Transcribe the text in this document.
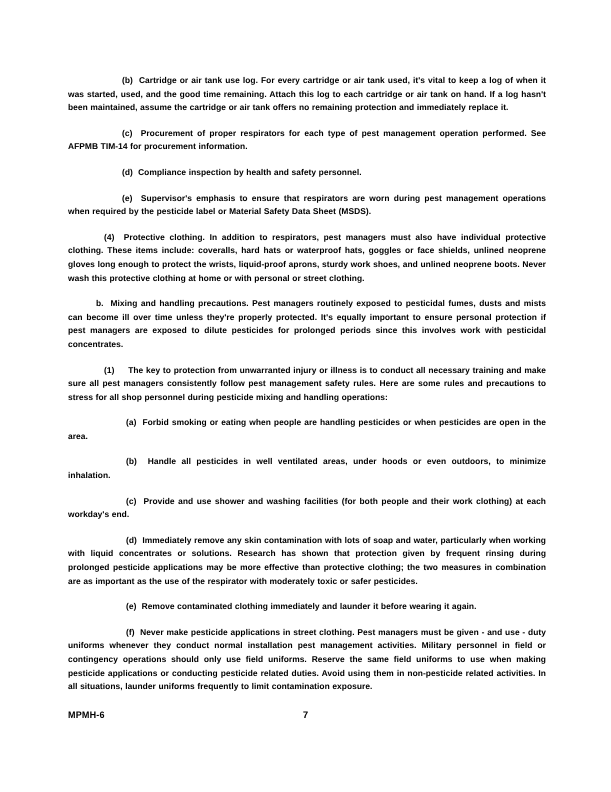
(b) Cartridge or air tank use log. For every cartridge or air tank used, it's vital to keep a log of when it was started, used, and the good time remaining. Attach this log to each cartridge or air tank on hand. If a log hasn't been maintained, assume the cartridge or air tank offers no remaining protection and immediately replace it.

(c) Procurement of proper respirators for each type of pest management operation performed. See AFPMB TIM-14 for procurement information.

(d) Compliance inspection by health and safety personnel.

(e) Supervisor's emphasis to ensure that respirators are worn during pest management operations when required by the pesticide label or Material Safety Data Sheet (MSDS).

(4) Protective clothing. In addition to respirators, pest managers must also have individual protective clothing. These items include: coveralls, hard hats or waterproof hats, goggles or face shields, unlined neoprene gloves long enough to protect the wrists, liquid-proof aprons, sturdy work shoes, and unlined neoprene boots. Never wash this protective clothing at home or with personal or street clothing.

b. Mixing and handling precautions. Pest managers routinely exposed to pesticidal fumes, dusts and mists can become ill over time unless they're properly protected. It's equally important to ensure personal protection if pest managers are exposed to dilute pesticides for prolonged periods since this involves work with pesticidal concentrates.

(1) The key to protection from unwarranted injury or illness is to conduct all necessary training and make sure all pest managers consistently follow pest management safety rules. Here are some rules and precautions to stress for all shop personnel during pesticide mixing and handling operations:

(a) Forbid smoking or eating when people are handling pesticides or when pesticides are open in the area.

(b) Handle all pesticides in well ventilated areas, under hoods or even outdoors, to minimize inhalation.

(c) Provide and use shower and washing facilities (for both people and their work clothing) at each workday's end.

(d) Immediately remove any skin contamination with lots of soap and water, particularly when working with liquid concentrates or solutions. Research has shown that protection given by frequent rinsing during prolonged pesticide applications may be more effective than protective clothing; the two measures in combination are as important as the use of the respirator with moderately toxic or safer pesticides.

(e) Remove contaminated clothing immediately and launder it before wearing it again.

(f) Never make pesticide applications in street clothing. Pest managers must be given - and use - duty uniforms whenever they conduct normal installation pest management activities. Military personnel in field or contingency operations should only use field uniforms. Reserve the same field uniforms to use when making pesticide applications or conducting pesticide related duties. Avoid using them in non-pesticide related activities. In all situations, launder uniforms frequently to limit contamination exposure.

MPMH-6	7
